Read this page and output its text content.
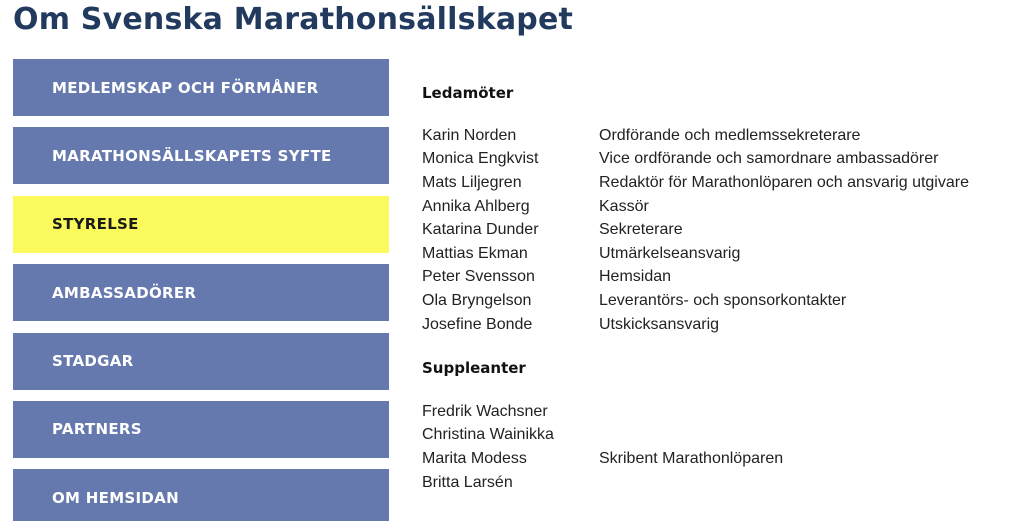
Om Svenska Marathonsällskapet
MEDLEMSKAP OCH FÖRMÅNER
MARATHONSÄLLSKAPETS SYFTE
STYRELSE
AMBASSADÖRER
STADGAR
PARTNERS
OM HEMSIDAN
Ledamöter
Karin Norden	Ordförande och medlemssekreterare
Monica Engkvist	Vice ordförande och samordnare ambassadörer
Mats Liljegren	Redaktör för Marathonlöparen och ansvarig utgivare
Annika Ahlberg	Kassör
Katarina Dunder	Sekreterare
Mattias Ekman	Utmärkelseansvarig
Peter Svensson	Hemsidan
Ola Bryngelson	Leverantörs- och sponsorkontakter
Josefine Bonde	Utskicksansvarig
Suppleanter
Fredrik Wachsner
Christina Wainikka
Marita Modess	Skribent Marathonlöparen
Britta Larsén
